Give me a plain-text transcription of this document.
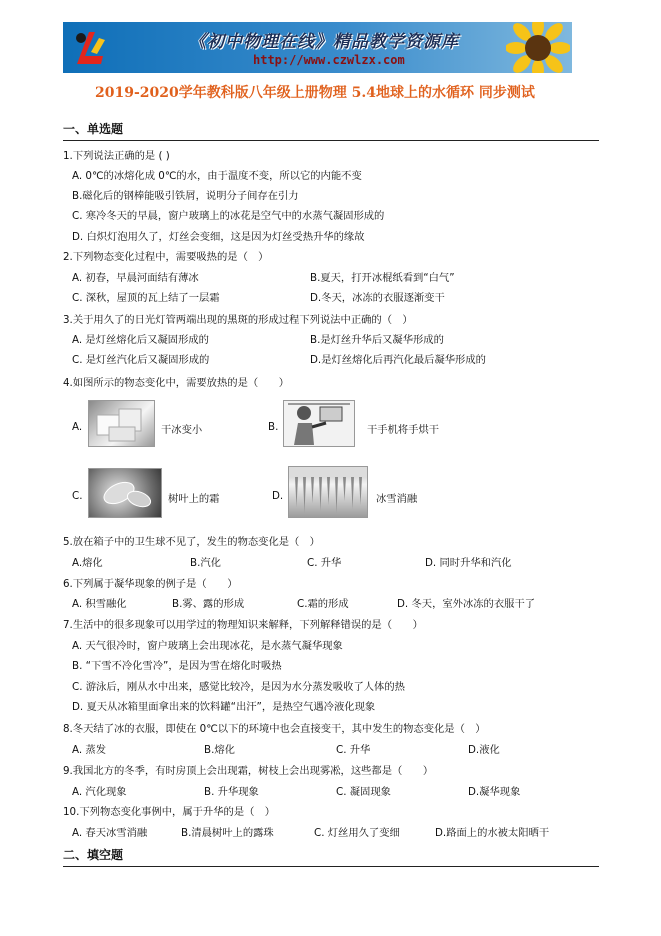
《初中物理在线》精品教学资源库
http://www.czwlzx.com
2019-2020学年教科版八年级上册物理 5.4地球上的水循环 同步测试
一、单选题
1.下列说法正确的是 ( )
A. 0℃的冰熔化成 0℃的水，由于温度不变，所以它的内能不变
B.磁化后的钢棒能吸引铁屑，说明分子间存在引力
C. 寒冷冬天的早晨，窗户玻璃上的冰花是空气中的水蒸气凝固形成的
D. 白炽灯泡用久了，灯丝会变细，这是因为灯丝受热升华的缘故
2.下列物态变化过程中，需要吸热的是（　）
A. 初春，早晨河面结有薄冰	B.夏天，打开冰棍纸看到“白气”
C. 深秋，屋顶的瓦上结了一层霜	D.冬天，冰冻的衣服逐渐变干
3.关于用久了的日光灯管两端出现的黑斑的形成过程下列说法中正确的（　）
A. 是灯丝熔化后又凝固形成的	B.是灯丝升华后又凝华形成的
C. 是灯丝汽化后又凝固形成的	D.是灯丝熔化后再汽化最后凝华形成的
4.如图所示的物态变化中，需要放热的是（　　）
A.	干冰变小	B.	干手机将手烘干
C.	树叶上的霜	D.	冰雪消融
5.放在箱子中的卫生球不见了，发生的物态变化是（　）
A.熔化	B.汽化	C. 升华	D. 同时升华和汽化
6.下列属于凝华现象的例子是（　　）
A. 积雪融化	B.雾、露的形成	C.霜的形成	D. 冬天，室外冰冻的衣服干了
7.生活中的很多现象可以用学过的物理知识来解释，下列解释错误的是（　　）
A. 天气很冷时，窗户玻璃上会出现冰花，是水蒸气凝华现象
B. “下雪不冷化雪冷”，是因为雪在熔化时吸热
C. 游泳后，刚从水中出来，感觉比较冷，是因为水分蒸发吸收了人体的热
D. 夏天从冰箱里面拿出来的饮料罐“出汗”，是热空气遇冷液化现象
8.冬天结了冰的衣服，即使在 0℃以下的环境中也会直接变干，其中发生的物态变化是（　）
A. 蒸发	B.熔化	C. 升华	D.液化
9.我国北方的冬季，有时房顶上会出现霜，树枝上会出现雾凇，这些都是（　　）
A. 汽化现象	B. 升华现象	C. 凝固现象	D.凝华现象
10.下列物态变化事例中，属于升华的是（　）
A. 春天冰雪消融	B.清晨树叶上的露珠	C. 灯丝用久了变细	D.路面上的水被太阳晒干
二、填空题
